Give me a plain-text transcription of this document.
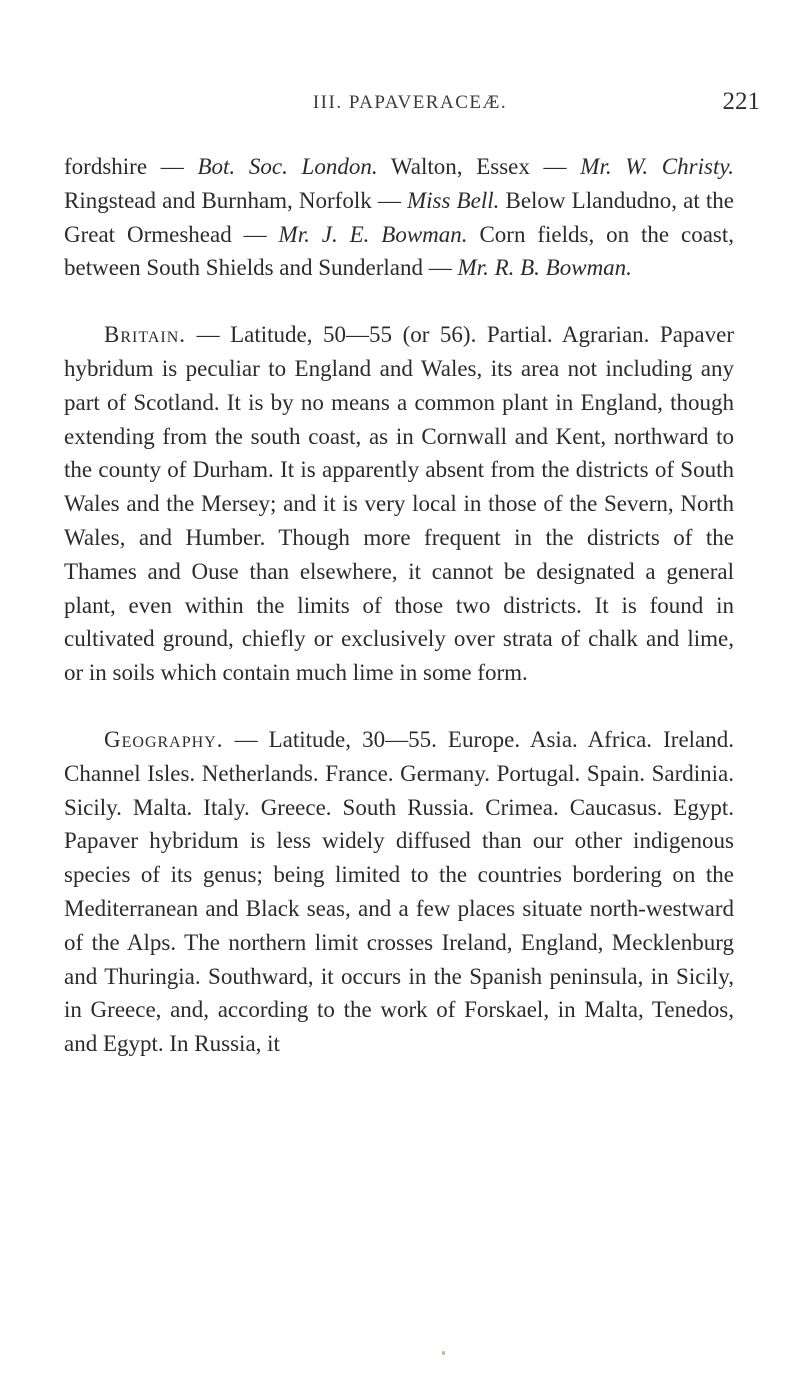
III. PAPAVERACEÆ.	221

fordshire — Bot. Soc. London. Walton, Essex — Mr. W. Christy. Ringstead and Burnham, Norfolk — Miss Bell. Below Llandudno, at the Great Ormeshead — Mr. J. E. Bowman. Corn fields, on the coast, between South Shields and Sunderland — Mr. R. B. Bowman.

Britain. — Latitude, 50—55 (or 56). Partial. Agrarian. Papaver hybridum is peculiar to England and Wales, its area not including any part of Scotland. It is by no means a common plant in England, though extending from the south coast, as in Cornwall and Kent, northward to the county of Durham. It is apparently absent from the districts of South Wales and the Mersey; and it is very local in those of the Severn, North Wales, and Humber. Though more frequent in the districts of the Thames and Ouse than elsewhere, it cannot be designated a general plant, even within the limits of those two districts. It is found in cultivated ground, chiefly or exclusively over strata of chalk and lime, or in soils which contain much lime in some form.

Geography. — Latitude, 30—55. Europe. Asia. Africa. Ireland. Channel Isles. Netherlands. France. Germany. Portugal. Spain. Sardinia. Sicily. Malta. Italy. Greece. South Russia. Crimea. Caucasus. Egypt. Papaver hybridum is less widely diffused than our other indigenous species of its genus; being limited to the countries bordering on the Mediterranean and Black seas, and a few places situate north-westward of the Alps. The northern limit crosses Ireland, England, Mecklenburg and Thuringia. Southward, it occurs in the Spanish peninsula, in Sicily, in Greece, and, according to the work of Forskael, in Malta, Tenedos, and Egypt. In Russia, it
